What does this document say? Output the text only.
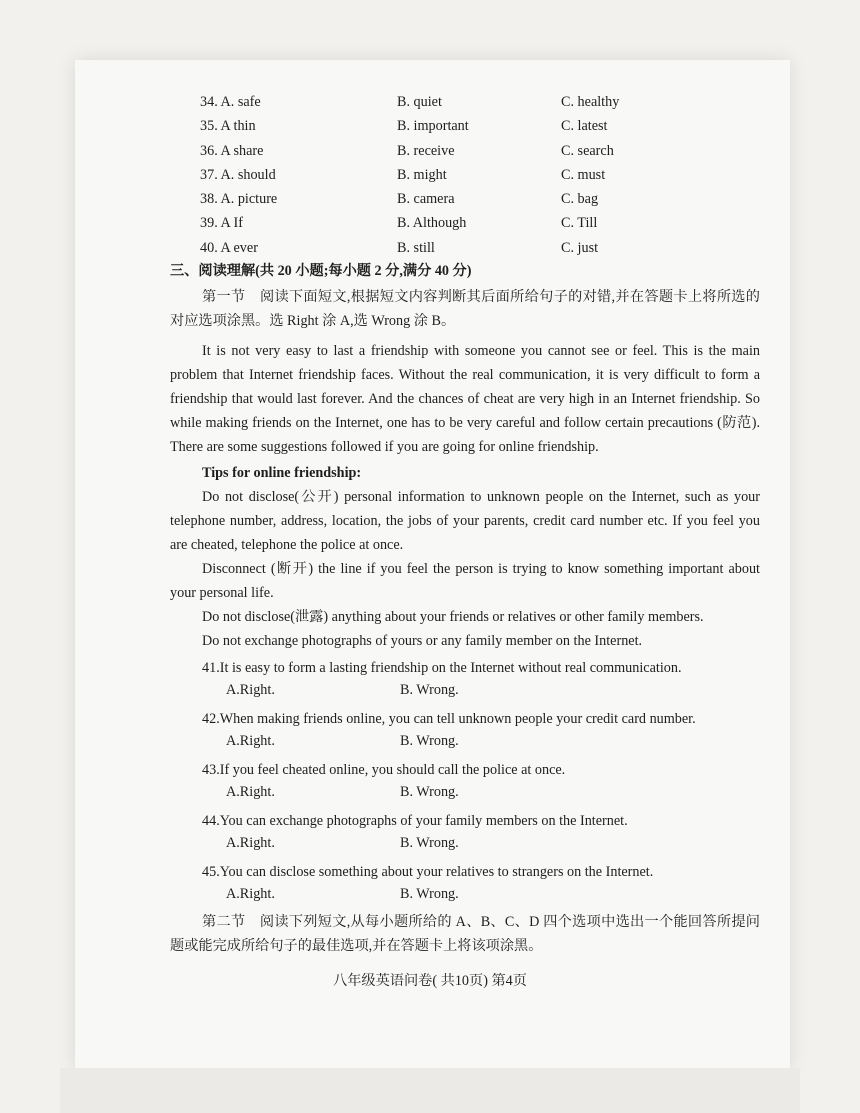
34. A. safe	B. quiet	C. healthy
35. A thin	B. important	C. latest
36. A share	B. receive	C. search
37. A. should	B. might	C. must
38. A. picture	B. camera	C. bag
39. A If	B. Although	C. Till
40. A ever	B. still	C. just
三、阅读理解(共 20 小题;每小题 2 分,满分 40 分)

第一节　阅读下面短文,根据短文内容判断其后面所给句子的对错,并在答题卡上将所选的对应选项涂黑。选 Right 涂 A,选 Wrong 涂 B。

It is not very easy to last a friendship with someone you cannot see or feel. This is the main problem that Internet friendship faces. Without the real communication, it is very difficult to form a friendship that would last forever. And the chances of cheat are very high in an Internet friendship. So while making friends on the Internet, one has to be very careful and follow certain precautions (防范). There are some suggestions followed if you are going for online friendship.

Tips for online friendship:

Do not disclose(公开) personal information to unknown people on the Internet, such as your telephone number, address, location, the jobs of your parents, credit card number etc. If you feel you are cheated, telephone the police at once.

Disconnect (断开) the line if you feel the person is trying to know something important about your personal life.

Do not disclose(泄露) anything about your friends or relatives or other family members.

Do not exchange photographs of yours or any family member on the Internet.

41.It is easy to form a lasting friendship on the Internet without real communication.
A.Right.	B. Wrong.
42.When making friends online, you can tell unknown people your credit card number.
A.Right.	B. Wrong.
43.If you feel cheated online, you should call the police at once.
A.Right.	B. Wrong.
44.You can exchange photographs of your family members on the Internet.
A.Right.	B. Wrong.
45.You can disclose something about your relatives to strangers on the Internet.
A.Right.	B. Wrong.

第二节　阅读下列短文,从每小题所给的 A、B、C、D 四个选项中选出一个能回答所提问题或能完成所给句子的最佳选项,并在答题卡上将该项涂黑。

八年级英语问卷( 共10页) 第4页
